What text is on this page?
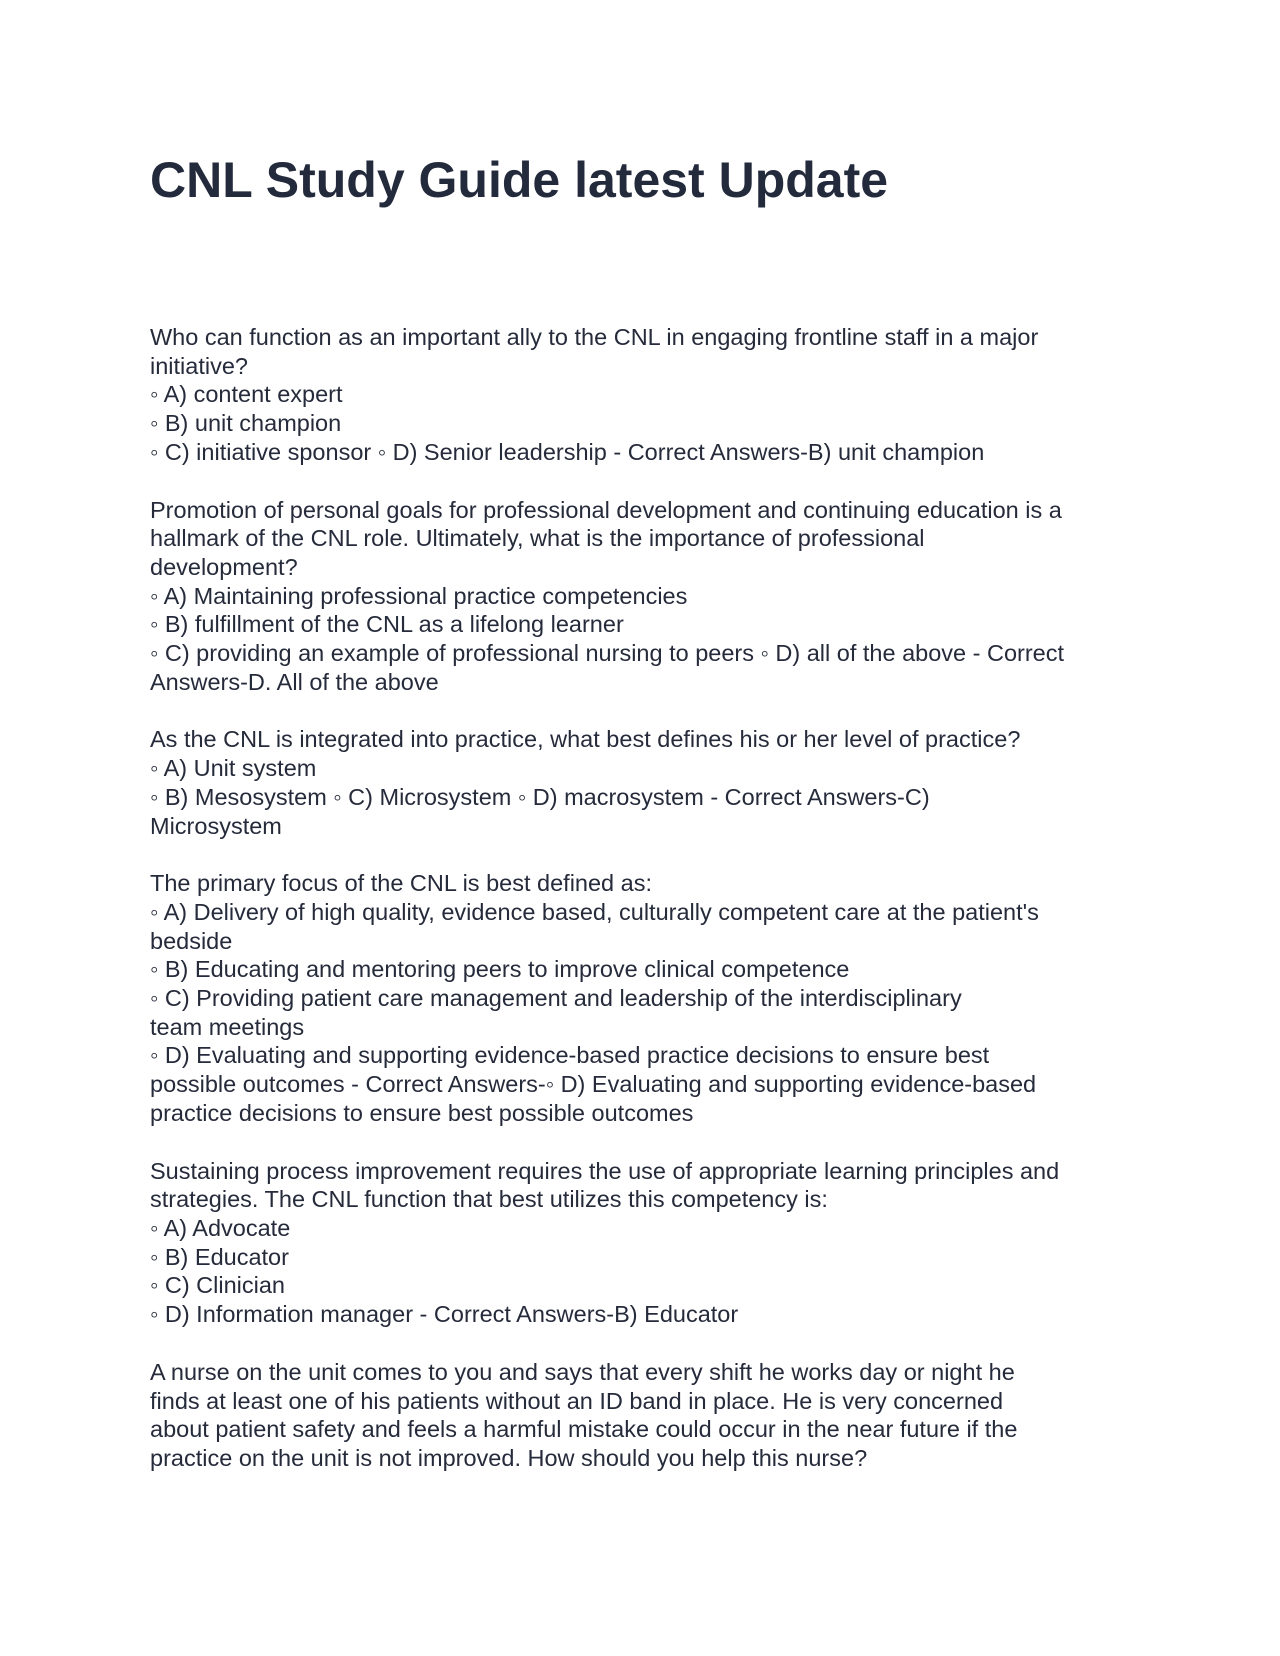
CNL Study Guide latest Update
Who can function as an important ally to the CNL in engaging frontline staff in a major
initiative?
◦ A) content expert
◦ B) unit champion
◦ C) initiative sponsor ◦ D) Senior leadership - Correct Answers-B) unit champion
Promotion of personal goals for professional development and continuing education is a
hallmark of the CNL role. Ultimately, what is the importance of professional
development?
◦ A) Maintaining professional practice competencies
◦ B) fulfillment of the CNL as a lifelong learner
◦ C) providing an example of professional nursing to peers ◦ D) all of the above - Correct
Answers-D. All of the above
As the CNL is integrated into practice, what best defines his or her level of practice?
◦ A) Unit system
◦ B) Mesosystem ◦ C) Microsystem ◦ D) macrosystem - Correct Answers-C)
Microsystem
The primary focus of the CNL is best defined as:
◦ A) Delivery of high quality, evidence based, culturally competent care at the patient's
bedside
◦ B) Educating and mentoring peers to improve clinical competence
◦ C) Providing patient care management and leadership of the interdisciplinary
team meetings
◦ D) Evaluating and supporting evidence-based practice decisions to ensure best
possible outcomes - Correct Answers-◦ D) Evaluating and supporting evidence-based
practice decisions to ensure best possible outcomes
Sustaining process improvement requires the use of appropriate learning principles and
strategies. The CNL function that best utilizes this competency is:
◦ A) Advocate
◦ B) Educator
◦ C) Clinician
◦ D) Information manager - Correct Answers-B) Educator
A nurse on the unit comes to you and says that every shift he works day or night he
finds at least one of his patients without an ID band in place. He is very concerned
about patient safety and feels a harmful mistake could occur in the near future if the
practice on the unit is not improved. How should you help this nurse?
